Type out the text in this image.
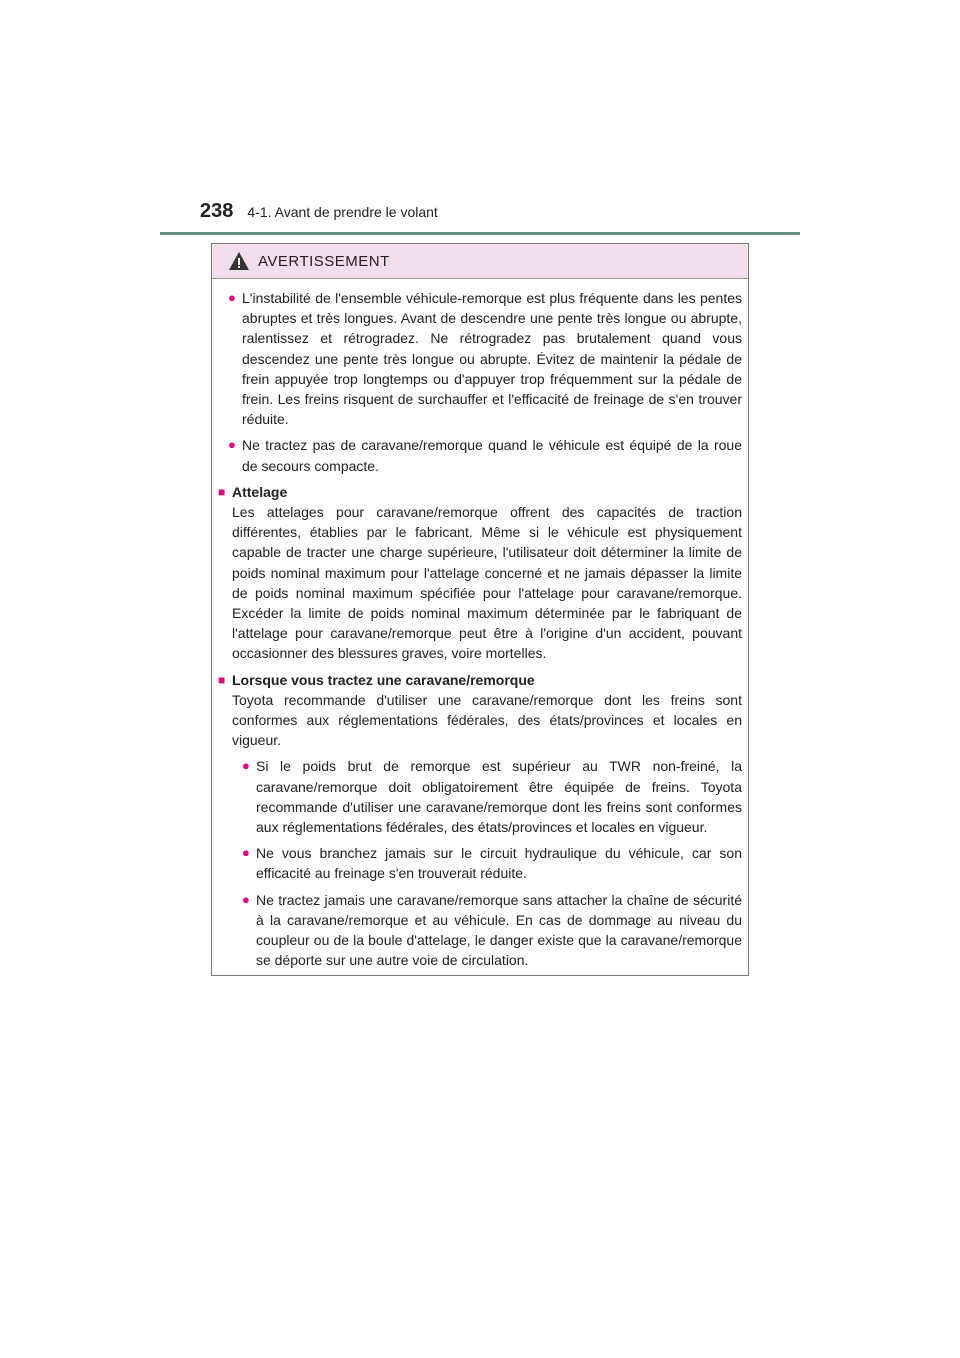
238 4-1. Avant de prendre le volant
AVERTISSEMENT
● L'instabilité de l'ensemble véhicule-remorque est plus fréquente dans les pentes abruptes et très longues. Avant de descendre une pente très longue ou abrupte, ralentissez et rétrogradez. Ne rétrogradez pas brutalement quand vous descendez une pente très longue ou abrupte. Évitez de maintenir la pédale de frein appuyée trop longtemps ou d'appuyer trop fréquemment sur la pédale de frein. Les freins risquent de surchauffer et l'efficacité de freinage de s'en trouver réduite.
● Ne tractez pas de caravane/remorque quand le véhicule est équipé de la roue de secours compacte.
■ Attelage
Les attelages pour caravane/remorque offrent des capacités de traction différentes, établies par le fabricant. Même si le véhicule est physiquement capable de tracter une charge supérieure, l'utilisateur doit déterminer la limite de poids nominal maximum pour l'attelage concerné et ne jamais dépasser la limite de poids nominal maximum spécifiée pour l'attelage pour caravane/remorque. Excéder la limite de poids nominal maximum déterminée par le fabriquant de l'attelage pour caravane/remorque peut être à l'origine d'un accident, pouvant occasionner des blessures graves, voire mortelles.
■ Lorsque vous tractez une caravane/remorque
Toyota recommande d'utiliser une caravane/remorque dont les freins sont conformes aux réglementations fédérales, des états/provinces et locales en vigueur.
● Si le poids brut de remorque est supérieur au TWR non-freiné, la caravane/remorque doit obligatoirement être équipée de freins. Toyota recommande d'utiliser une caravane/remorque dont les freins sont conformes aux réglementations fédérales, des états/provinces et locales en vigueur.
● Ne vous branchez jamais sur le circuit hydraulique du véhicule, car son efficacité au freinage s'en trouverait réduite.
● Ne tractez jamais une caravane/remorque sans attacher la chaîne de sécurité à la caravane/remorque et au véhicule. En cas de dommage au niveau du coupleur ou de la boule d'attelage, le danger existe que la caravane/remorque se déporte sur une autre voie de circulation.
